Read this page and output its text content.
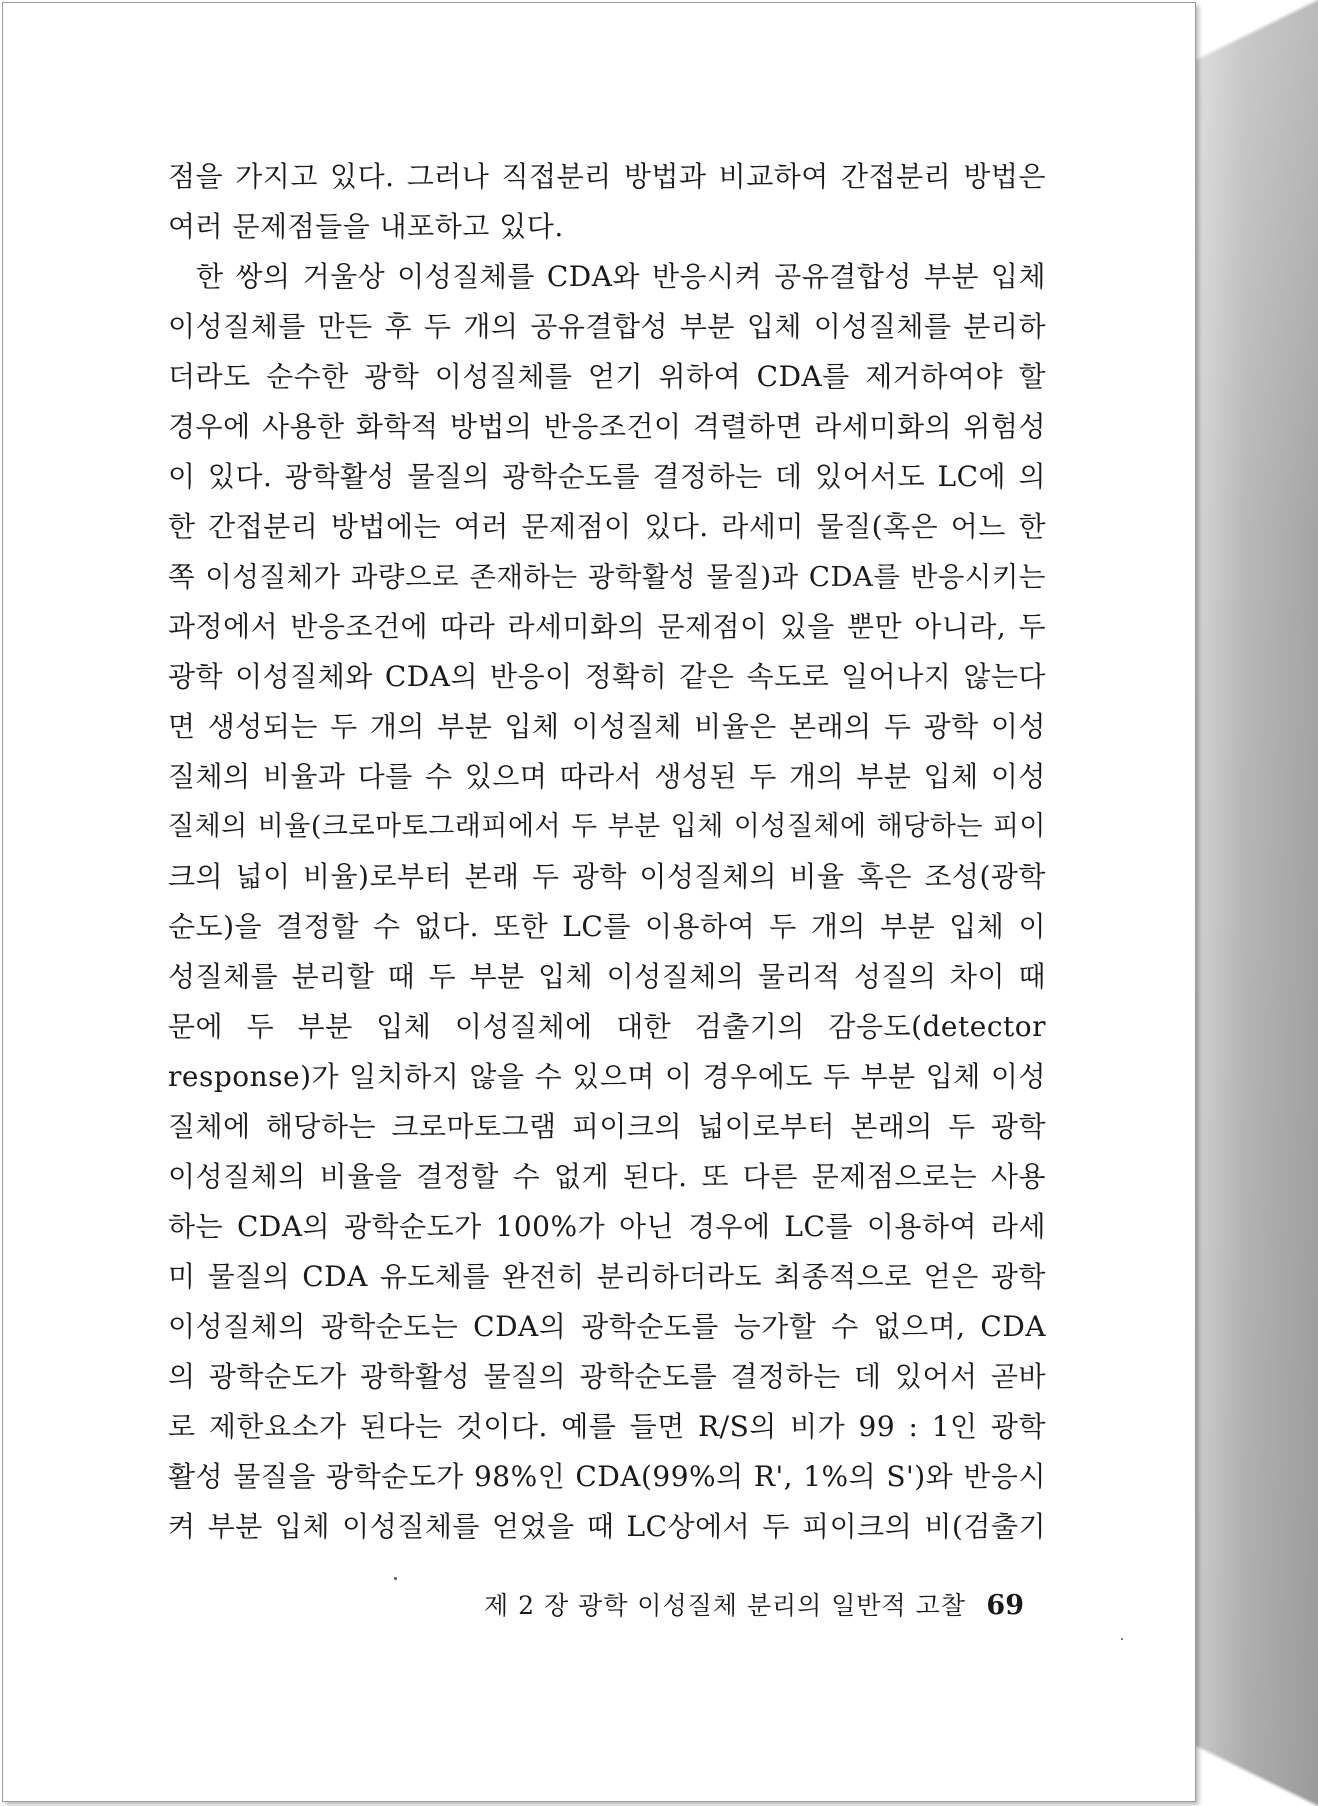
점을 가지고 있다. 그러나 직접분리 방법과 비교하여 간접분리 방법은
여러 문제점들을 내포하고 있다.
한 쌍의 거울상 이성질체를 CDA와 반응시켜 공유결합성 부분 입체
이성질체를 만든 후 두 개의 공유결합성 부분 입체 이성질체를 분리하
더라도 순수한 광학 이성질체를 얻기 위하여 CDA를 제거하여야 할
경우에 사용한 화학적 방법의 반응조건이 격렬하면 라세미화의 위험성
이 있다. 광학활성 물질의 광학순도를 결정하는 데 있어서도 LC에 의
한 간접분리 방법에는 여러 문제점이 있다. 라세미 물질(혹은 어느 한
쪽 이성질체가 과량으로 존재하는 광학활성 물질)과 CDA를 반응시키는
과정에서 반응조건에 따라 라세미화의 문제점이 있을 뿐만 아니라, 두
광학 이성질체와 CDA의 반응이 정확히 같은 속도로 일어나지 않는다
면 생성되는 두 개의 부분 입체 이성질체 비율은 본래의 두 광학 이성
질체의 비율과 다를 수 있으며 따라서 생성된 두 개의 부분 입체 이성
질체의 비율(크로마토그래피에서 두 부분 입체 이성질체에 해당하는 피이
크의 넓이 비율)로부터 본래 두 광학 이성질체의 비율 혹은 조성(광학
순도)을 결정할 수 없다. 또한 LC를 이용하여 두 개의 부분 입체 이
성질체를 분리할 때 두 부분 입체 이성질체의 물리적 성질의 차이 때
문에 두 부분 입체 이성질체에 대한 검출기의 감응도(detector
response)가 일치하지 않을 수 있으며 이 경우에도 두 부분 입체 이성
질체에 해당하는 크로마토그램 피이크의 넓이로부터 본래의 두 광학
이성질체의 비율을 결정할 수 없게 된다. 또 다른 문제점으로는 사용
하는 CDA의 광학순도가 100%가 아닌 경우에 LC를 이용하여 라세
미 물질의 CDA 유도체를 완전히 분리하더라도 최종적으로 얻은 광학
이성질체의 광학순도는 CDA의 광학순도를 능가할 수 없으며, CDA
의 광학순도가 광학활성 물질의 광학순도를 결정하는 데 있어서 곧바
로 제한요소가 된다는 것이다. 예를 들면 R/S의 비가 99 : 1인 광학
활성 물질을 광학순도가 98%인 CDA(99%의 R', 1%의 S')와 반응시
켜 부분 입체 이성질체를 얻었을 때 LC상에서 두 피이크의 비(검출기
제 2 장 광학 이성질체 분리의 일반적 고찰 69
